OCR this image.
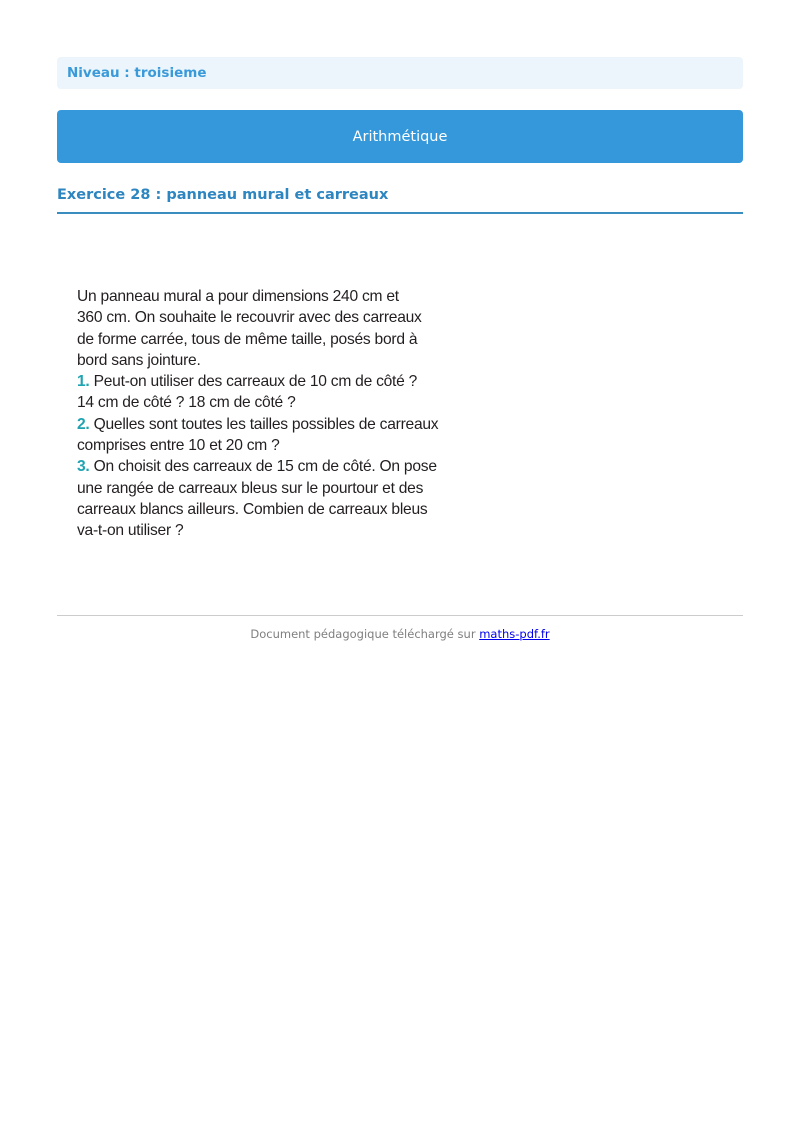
Niveau : troisieme
Arithmétique
Exercice 28 : panneau mural et carreaux

Un panneau mural a pour dimensions 240 cm et

360 cm. On souhaite le recouvrir avec des carreaux

de forme carrée, tous de même taille, posés bord à

bord sans jointure.

1. Peut-on utiliser des carreaux de 10 cm de côté ?

14 cm de côté ? 18 cm de côté ?

2. Quelles sont toutes les tailles possibles de carreaux

comprises entre 10 et 20 cm ?

3. On choisit des carreaux de 15 cm de côté. On pose

une rangée de carreaux bleus sur le pourtour et des

carreaux blancs ailleurs. Combien de carreaux bleus

va-t-on utiliser ?

Document pédagogique téléchargé sur maths-pdf.fr
